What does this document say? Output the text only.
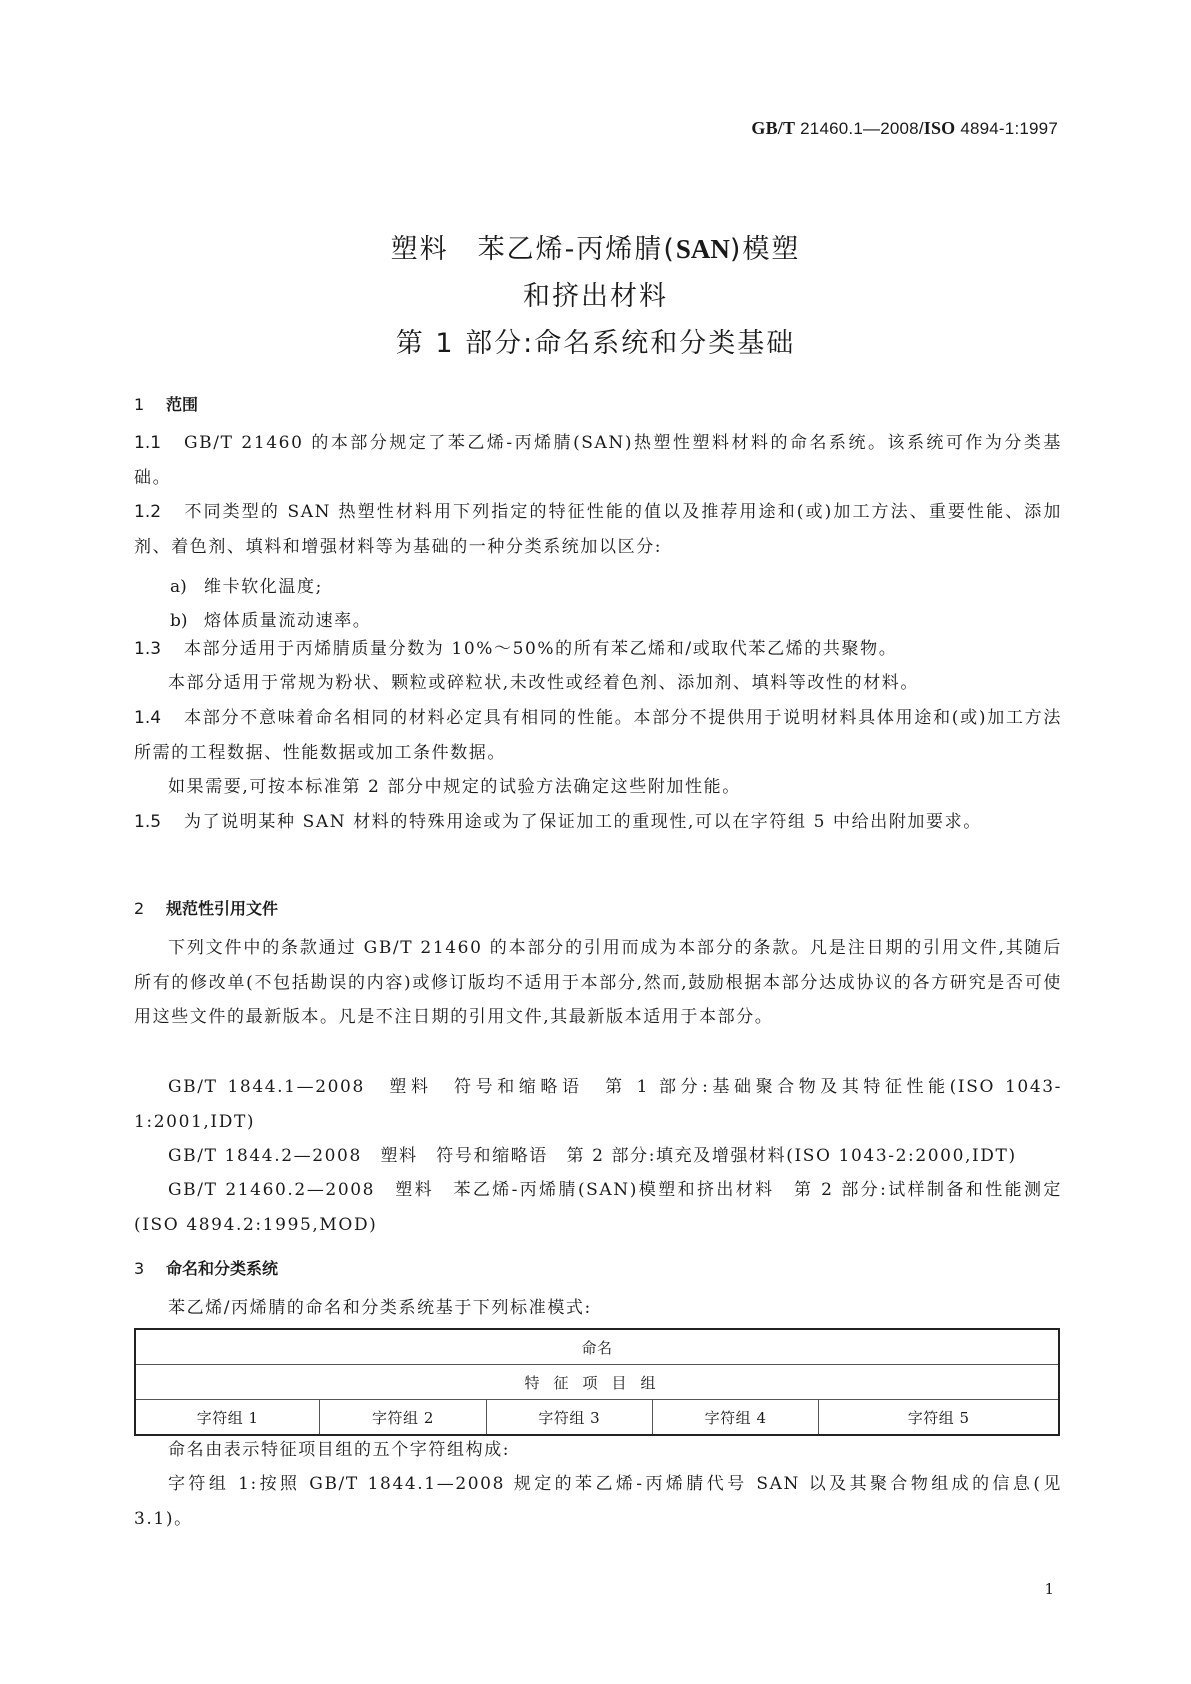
GB/T 21460.1—2008/ISO 4894-1:1997
塑料　苯乙烯-丙烯腈(SAN)模塑
和挤出材料
第 1 部分:命名系统和分类基础
1 范围
1.1 GB/T 21460 的本部分规定了苯乙烯-丙烯腈(SAN)热塑性塑料材料的命名系统。该系统可作为分类基础。
1.2 不同类型的 SAN 热塑性材料用下列指定的特征性能的值以及推荐用途和(或)加工方法、重要性能、添加剂、着色剂、填料和增强材料等为基础的一种分类系统加以区分:
a) 维卡软化温度;
b) 熔体质量流动速率。
1.3 本部分适用于丙烯腈质量分数为 10%～50%的所有苯乙烯和/或取代苯乙烯的共聚物。
本部分适用于常规为粉状、颗粒或碎粒状,未改性或经着色剂、添加剂、填料等改性的材料。
1.4 本部分不意味着命名相同的材料必定具有相同的性能。本部分不提供用于说明材料具体用途和(或)加工方法所需的工程数据、性能数据或加工条件数据。
如果需要,可按本标准第 2 部分中规定的试验方法确定这些附加性能。
1.5 为了说明某种 SAN 材料的特殊用途或为了保证加工的重现性,可以在字符组 5 中给出附加要求。
2 规范性引用文件
下列文件中的条款通过 GB/T 21460 的本部分的引用而成为本部分的条款。凡是注日期的引用文件,其随后所有的修改单(不包括勘误的内容)或修订版均不适用于本部分,然而,鼓励根据本部分达成协议的各方研究是否可使用这些文件的最新版本。凡是不注日期的引用文件,其最新版本适用于本部分。
GB/T 1844.1—2008　塑料　符号和缩略语　第 1 部分:基础聚合物及其特征性能(ISO 1043-1:2001,IDT)
GB/T 1844.2—2008　塑料　符号和缩略语　第 2 部分:填充及增强材料(ISO 1043-2:2000,IDT)
GB/T 21460.2—2008　塑料　苯乙烯-丙烯腈(SAN)模塑和挤出材料　第 2 部分:试样制备和性能测定(ISO 4894.2:1995,MOD)
3 命名和分类系统
苯乙烯/丙烯腈的命名和分类系统基于下列标准模式:
命名
特征项目组
字符组 1	字符组 2	字符组 3	字符组 4	字符组 5
命名由表示特征项目组的五个字符组构成:
字符组 1:按照 GB/T 1844.1—2008 规定的苯乙烯-丙烯腈代号 SAN 以及其聚合物组成的信息(见 3.1)。
1
